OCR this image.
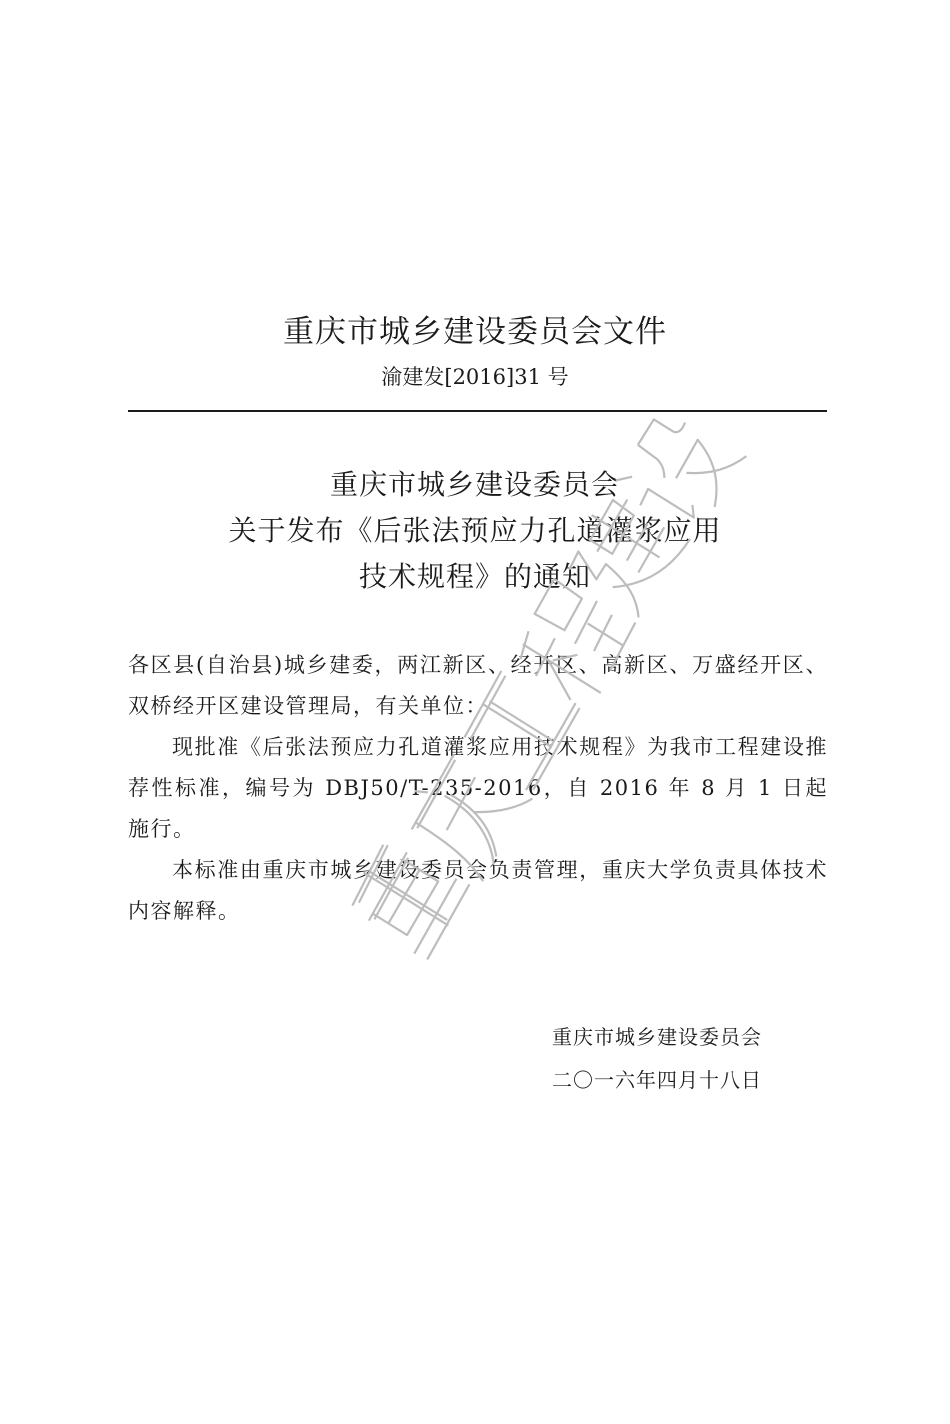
重庆市城乡建设委员会文件
渝建发[2016]31 号
重庆市城乡建设委员会
关于发布《后张法预应力孔道灌浆应用
技术规程》的通知

各区县(自治县)城乡建委，两江新区、经开区、高新区、万盛经开区、双桥经开区建设管理局，有关单位：

现批准《后张法预应力孔道灌浆应用技术规程》为我市工程建设推荐性标准，编号为 DBJ50/T-235-2016，自 2016 年 8 月 1 日起施行。

本标准由重庆市城乡建设委员会负责管理，重庆大学负责具体技术内容解释。

重庆市城乡建设委员会
二〇一六年四月十八日
